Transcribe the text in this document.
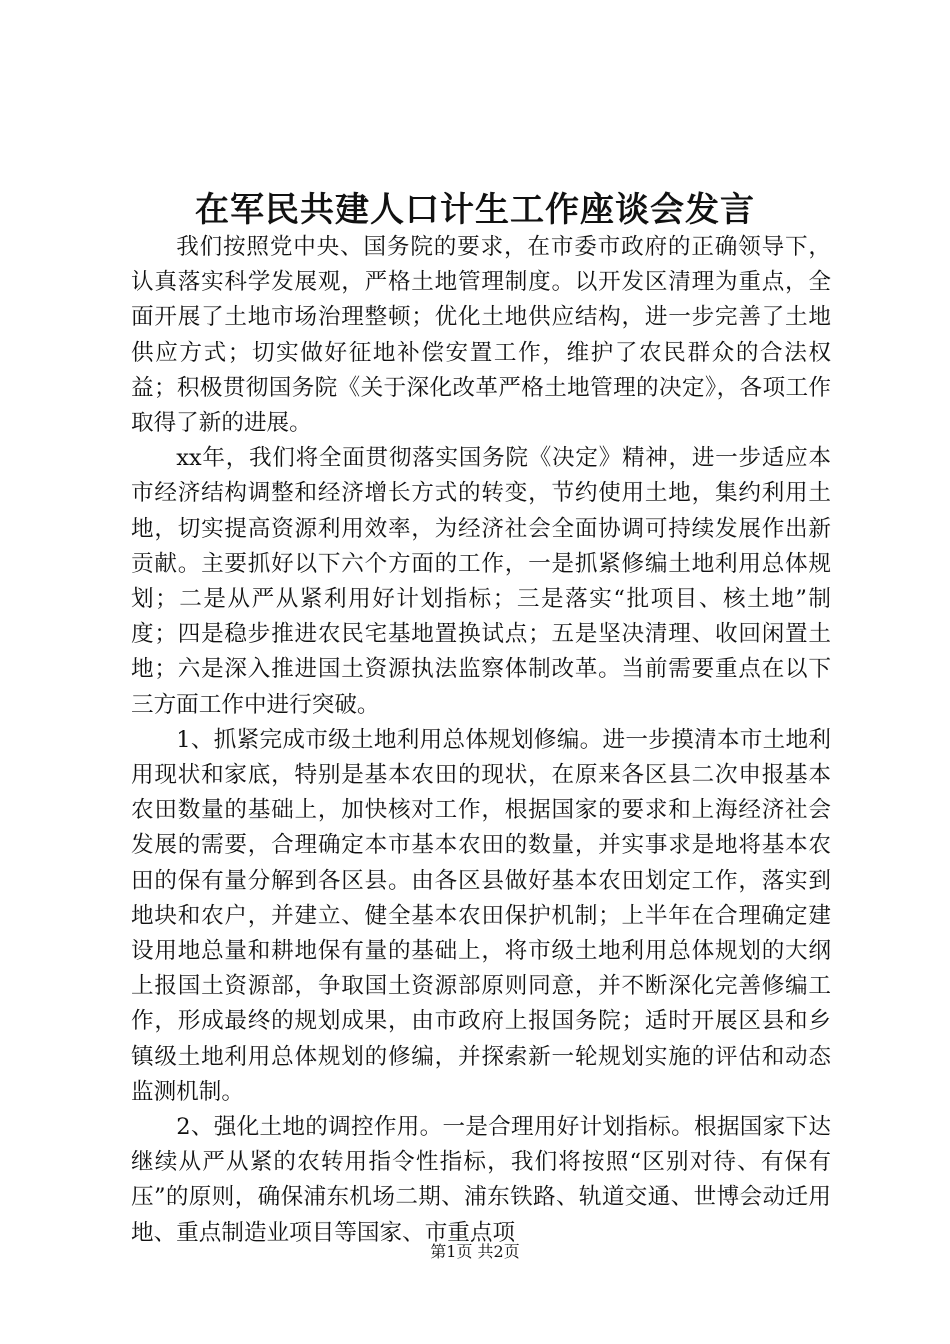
在军民共建人口计生工作座谈会发言

我们按照党中央、国务院的要求，在市委市政府的正确领导下，认真落实科学发展观，严格土地管理制度。以开发区清理为重点，全面开展了土地市场治理整顿；优化土地供应结构，进一步完善了土地供应方式；切实做好征地补偿安置工作，维护了农民群众的合法权益；积极贯彻国务院《关于深化改革严格土地管理的决定》，各项工作取得了新的进展。

xx年，我们将全面贯彻落实国务院《决定》精神，进一步适应本市经济结构调整和经济增长方式的转变，节约使用土地，集约利用土地，切实提高资源利用效率，为经济社会全面协调可持续发展作出新贡献。主要抓好以下六个方面的工作，一是抓紧修编土地利用总体规划；二是从严从紧利用好计划指标；三是落实“批项目、核土地”制度；四是稳步推进农民宅基地置换试点；五是坚决清理、收回闲置土地；六是深入推进国土资源执法监察体制改革。当前需要重点在以下三方面工作中进行突破。

1、抓紧完成市级土地利用总体规划修编。进一步摸清本市土地利用现状和家底，特别是基本农田的现状，在原来各区县二次申报基本农田数量的基础上，加快核对工作，根据国家的要求和上海经济社会发展的需要，合理确定本市基本农田的数量，并实事求是地将基本农田的保有量分解到各区县。由各区县做好基本农田划定工作，落实到地块和农户，并建立、健全基本农田保护机制；上半年在合理确定建设用地总量和耕地保有量的基础上，将市级土地利用总体规划的大纲上报国土资源部，争取国土资源部原则同意，并不断深化完善修编工作，形成最终的规划成果，由市政府上报国务院；适时开展区县和乡镇级土地利用总体规划的修编，并探索新一轮规划实施的评估和动态监测机制。

2、强化土地的调控作用。一是合理用好计划指标。根据国家下达继续从严从紧的农转用指令性指标，我们将按照“区别对待、有保有压”的原则，确保浦东机场二期、浦东铁路、轨道交通、世博会动迁用地、重点制造业项目等国家、市重点项

第1页 共2页
